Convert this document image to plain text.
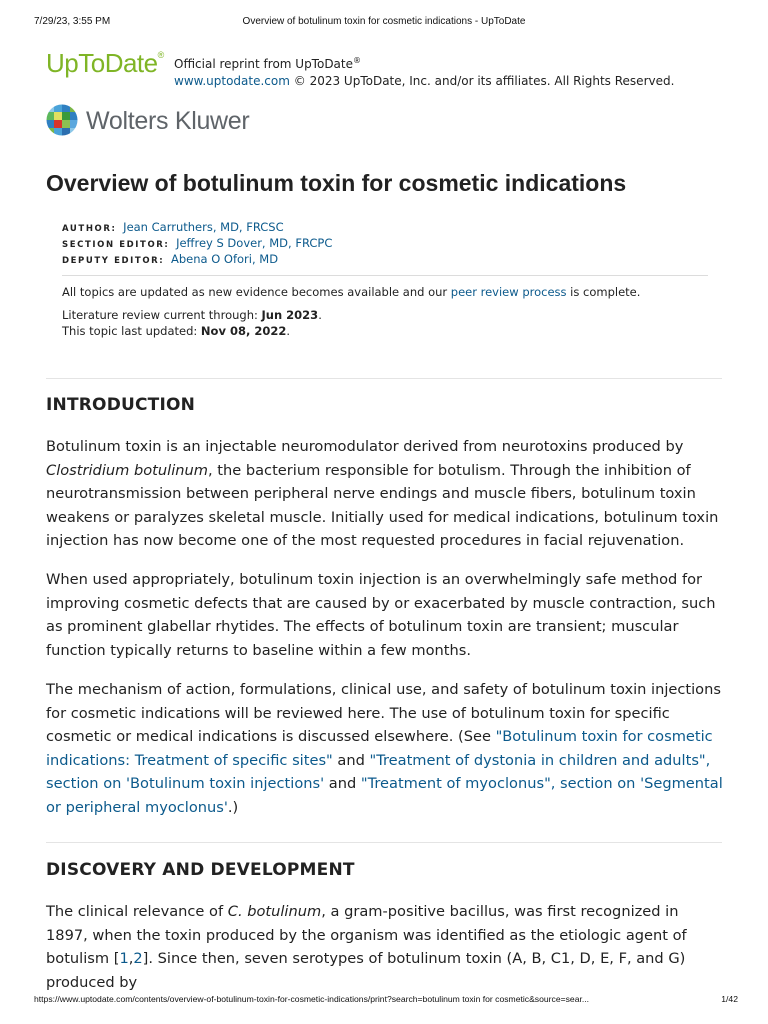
7/29/23, 3:55 PM	Overview of botulinum toxin for cosmetic indications - UpToDate
UpToDate®
Official reprint from UpToDate®
www.uptodate.com © 2023 UpToDate, Inc. and/or its affiliates. All Rights Reserved.
Wolters Kluwer
Overview of botulinum toxin for cosmetic indications
AUTHOR: Jean Carruthers, MD, FRCSC
SECTION EDITOR: Jeffrey S Dover, MD, FRCPC
DEPUTY EDITOR: Abena O Ofori, MD
All topics are updated as new evidence becomes available and our peer review process is complete.
Literature review current through: Jun 2023.
This topic last updated: Nov 08, 2022.
INTRODUCTION

Botulinum toxin is an injectable neuromodulator derived from neurotoxins produced by Clostridium botulinum, the bacterium responsible for botulism. Through the inhibition of neurotransmission between peripheral nerve endings and muscle fibers, botulinum toxin weakens or paralyzes skeletal muscle. Initially used for medical indications, botulinum toxin injection has now become one of the most requested procedures in facial rejuvenation.

When used appropriately, botulinum toxin injection is an overwhelmingly safe method for improving cosmetic defects that are caused by or exacerbated by muscle contraction, such as prominent glabellar rhytides. The effects of botulinum toxin are transient; muscular function typically returns to baseline within a few months.

The mechanism of action, formulations, clinical use, and safety of botulinum toxin injections for cosmetic indications will be reviewed here. The use of botulinum toxin for specific cosmetic or medical indications is discussed elsewhere. (See "Botulinum toxin for cosmetic indications: Treatment of specific sites" and "Treatment of dystonia in children and adults", section on 'Botulinum toxin injections' and "Treatment of myoclonus", section on 'Segmental or peripheral myoclonus'.)

DISCOVERY AND DEVELOPMENT

The clinical relevance of C. botulinum, a gram-positive bacillus, was first recognized in 1897, when the toxin produced by the organism was identified as the etiologic agent of botulism [1,2]. Since then, seven serotypes of botulinum toxin (A, B, C1, D, E, F, and G) produced by

https://www.uptodate.com/contents/overview-of-botulinum-toxin-for-cosmetic-indications/print?search=botulinum toxin for cosmetic&source=sear...	1/42
